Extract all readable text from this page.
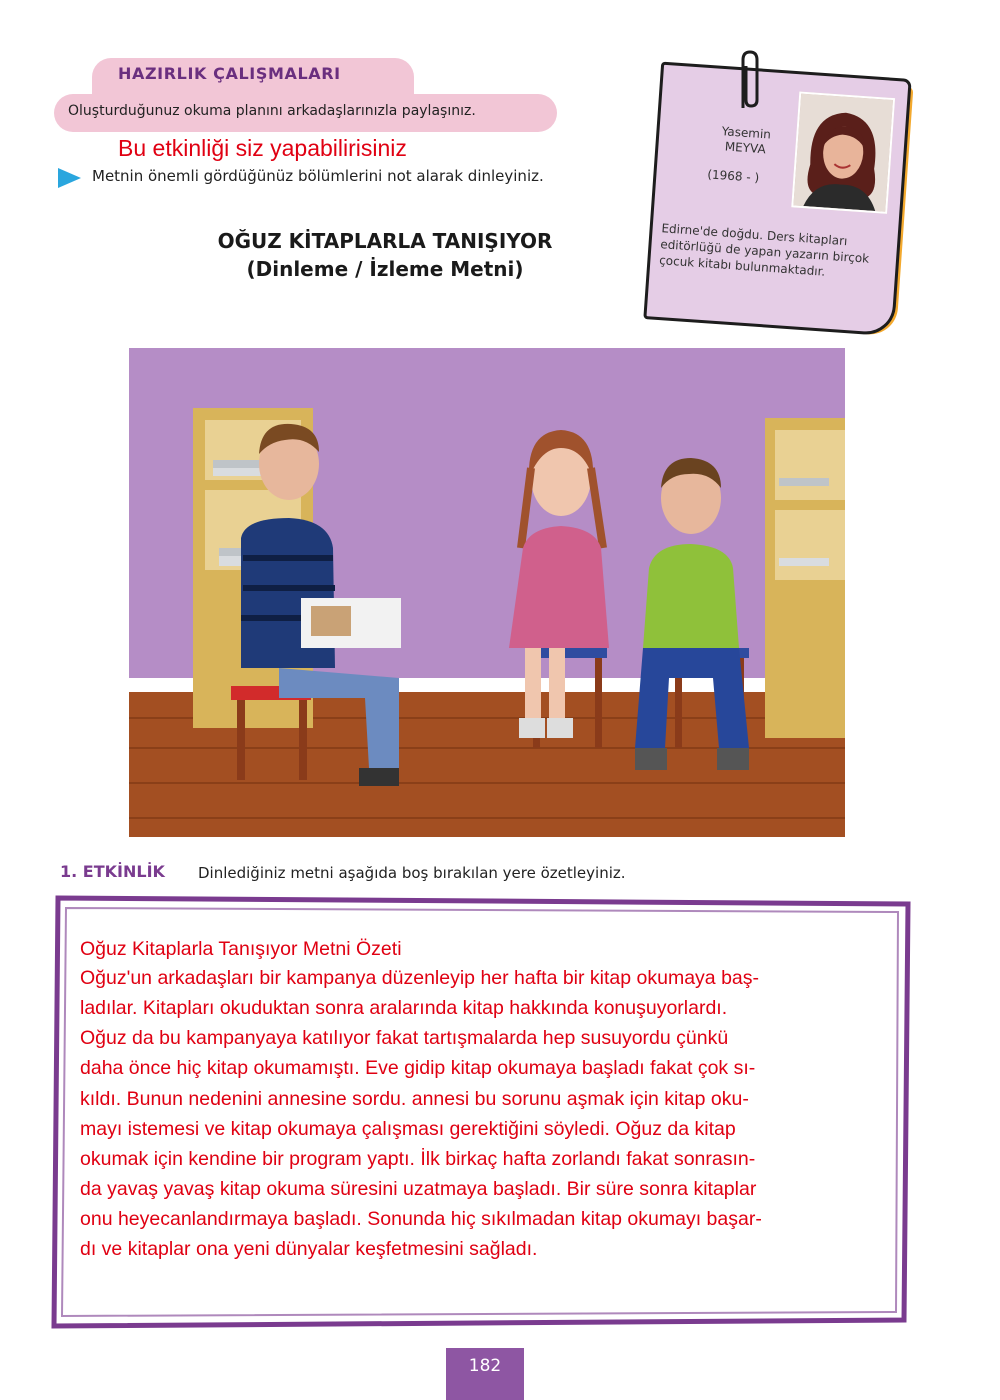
HAZIRLIK ÇALIŞMALARI
Oluşturduğunuz okuma planını arkadaşlarınızla paylaşınız.
Bu etkinliği siz yapabilirisiniz
Metnin önemli gördüğünüz bölümlerini not alarak dinleyiniz.
OĞUZ KİTAPLARLA TANIŞIYOR
(Dinleme / İzleme Metni)
Yasemin
MEYVA
(1968 - )
Edirne'de doğdu. Ders kitapları editörlüğü de yapan yazarın birçok çocuk kitabı bulunmaktadır.
1. ETKİNLİK Dinlediğiniz metni aşağıda boş bırakılan yere özetleyiniz.
Oğuz Kitaplarla Tanışıyor Metni Özeti
Oğuz'un arkadaşları bir kampanya düzenleyip her hafta bir kitap okumaya baş-
ladılar. Kitapları okuduktan sonra aralarında kitap hakkında konuşuyorlardı.
Oğuz da bu kampanyaya katılıyor fakat tartışmalarda hep susuyordu çünkü
daha önce hiç kitap okumamıştı. Eve gidip kitap okumaya başladı fakat çok sı-
kıldı. Bunun nedenini annesine sordu. annesi bu sorunu aşmak için kitap oku-
mayı istemesi ve kitap okumaya çalışması gerektiğini söyledi. Oğuz da kitap
okumak için kendine bir program yaptı. İlk birkaç hafta zorlandı fakat sonrasın-
da yavaş yavaş kitap okuma süresini uzatmaya başladı. Bir süre sonra kitaplar
onu heyecanlandırmaya başladı. Sonunda hiç sıkılmadan kitap okumayı başar-
dı ve kitaplar ona yeni dünyalar keşfetmesini sağladı.
182
